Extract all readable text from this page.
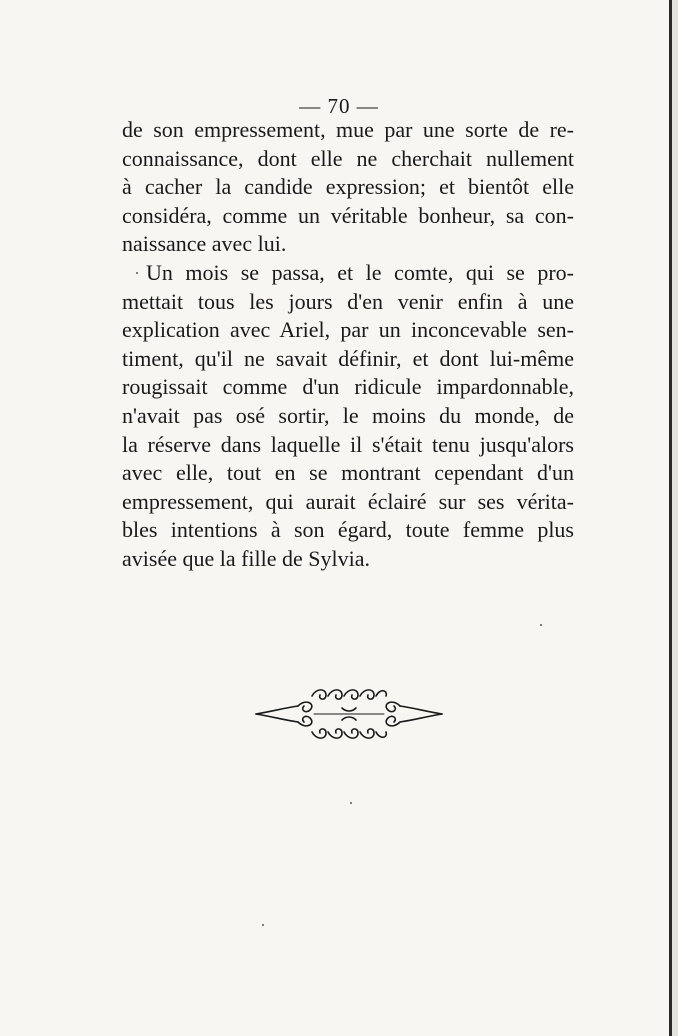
— 70 —
de son empressement, mue par une sorte de re-
connaissance, dont elle ne cherchait nullement
à cacher la candide expression; et bientôt elle
considéra, comme un véritable bonheur, sa con-
naissance avec lui.
Un mois se passa, et le comte, qui se pro-
mettait tous les jours d'en venir enfin à une
explication avec Ariel, par un inconcevable sen-
timent, qu'il ne savait définir, et dont lui-même
rougissait comme d'un ridicule impardonnable,
n'avait pas osé sortir, le moins du monde, de
la réserve dans laquelle il s'était tenu jusqu'alors
avec elle, tout en se montrant cependant d'un
empressement, qui aurait éclairé sur ses vérita-
bles intentions à son égard, toute femme plus
avisée que la fille de Sylvia.
